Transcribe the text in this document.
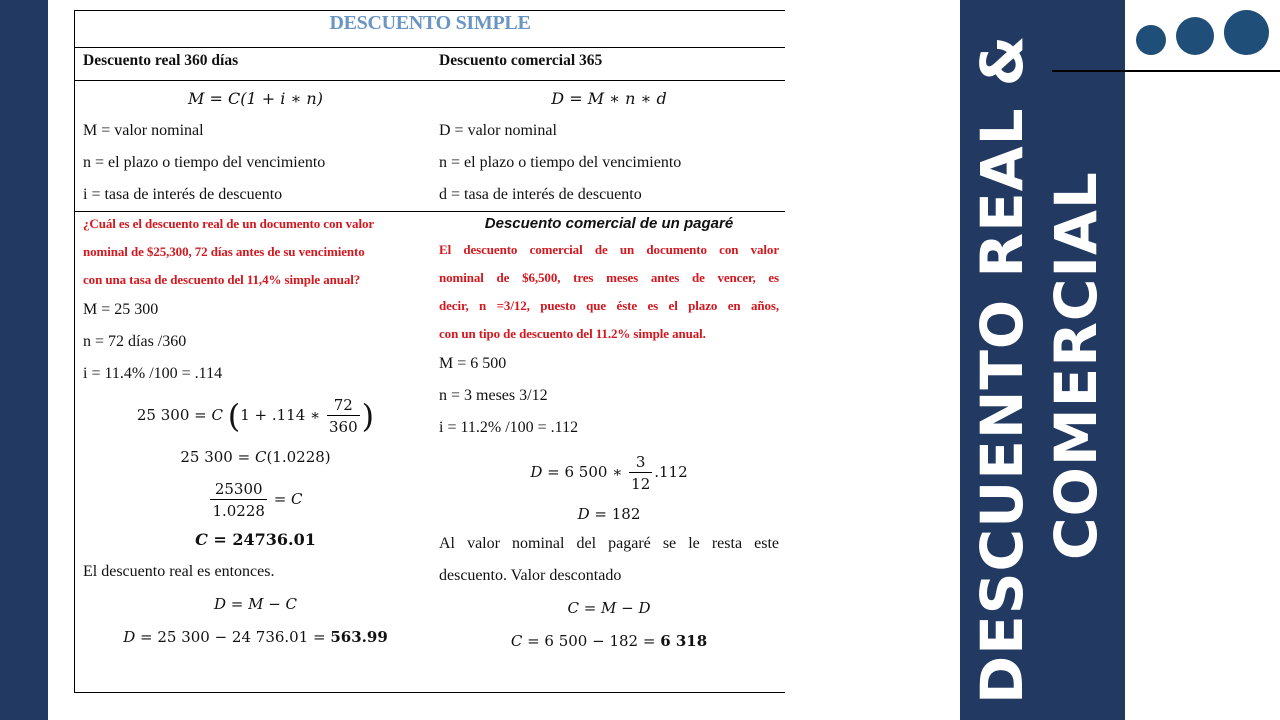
DESCUENTO SIMPLE
Descuento real 360 días	Descuento comercial 365
M = C(1 + i ∗ n)
M = valor nominal
n = el plazo o tiempo del vencimiento
i = tasa de interés de descuento
D = M ∗ n ∗ d
D = valor nominal
n = el plazo o tiempo del vencimiento
d = tasa de interés de descuento
¿Cuál es el descuento real de un documento con valor
nominal de $25,300, 72 días antes de su vencimiento
con una tasa de descuento del 11,4% simple anual?
M = 25 300
n = 72 días /360
i = 11.4% /100 = .114
25 300 = C (1 + .114 ∗ $\frac{72}{360}$ )
25 300 = C(1.0228)
$\frac{25300}{1.0228} = C$
C = 24736.01
El descuento real es entonces.
D = M − C
D = 25 300 − 24 736.01 = 563.99
Descuento comercial de un pagaré
El descuento comercial de un documento con valor
nominal de $6,500, tres meses antes de vencer, es
decir, n =3/12, puesto que éste es el plazo en años,
con un tipo de descuento del 11.2% simple anual.
M = 6 500
n = 3 meses 3/12
i = 11.2% /100 = .112
D = 6 500 ∗ $\frac{3}{12} .112$
D = 182
Al valor nominal del pagaré se le resta este
descuento. Valor descontado
C = M − D
C = 6 500 − 182 = 6 318	DESCUENTO REAL & COMERCIAL
